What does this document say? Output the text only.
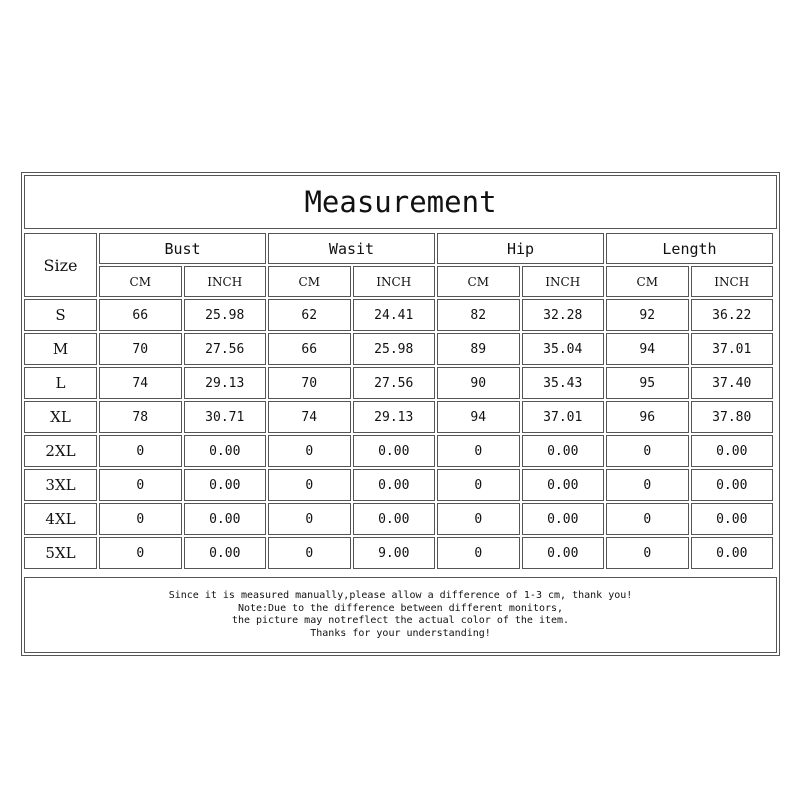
Measurement
Size	Bust		Wasit		Hip		Length	
	CM	INCH	CM	INCH	CM	INCH	CM	INCH
S	66	25.98	62	24.41	82	32.28	92	36.22
M	70	27.56	66	25.98	89	35.04	94	37.01
L	74	29.13	70	27.56	90	35.43	95	37.40
XL	78	30.71	74	29.13	94	37.01	96	37.80
2XL	0	0.00	0	0.00	0	0.00	0	0.00
3XL	0	0.00	0	0.00	0	0.00	0	0.00
4XL	0	0.00	0	0.00	0	0.00	0	0.00
5XL	0	0.00	0	9.00	0	0.00	0	0.00
Since it is measured manually,please allow a difference of 1-3 cm, thank you!
Note:Due to the difference between different monitors,
the picture may notreflect the actual color of the item.
Thanks for your understanding!
